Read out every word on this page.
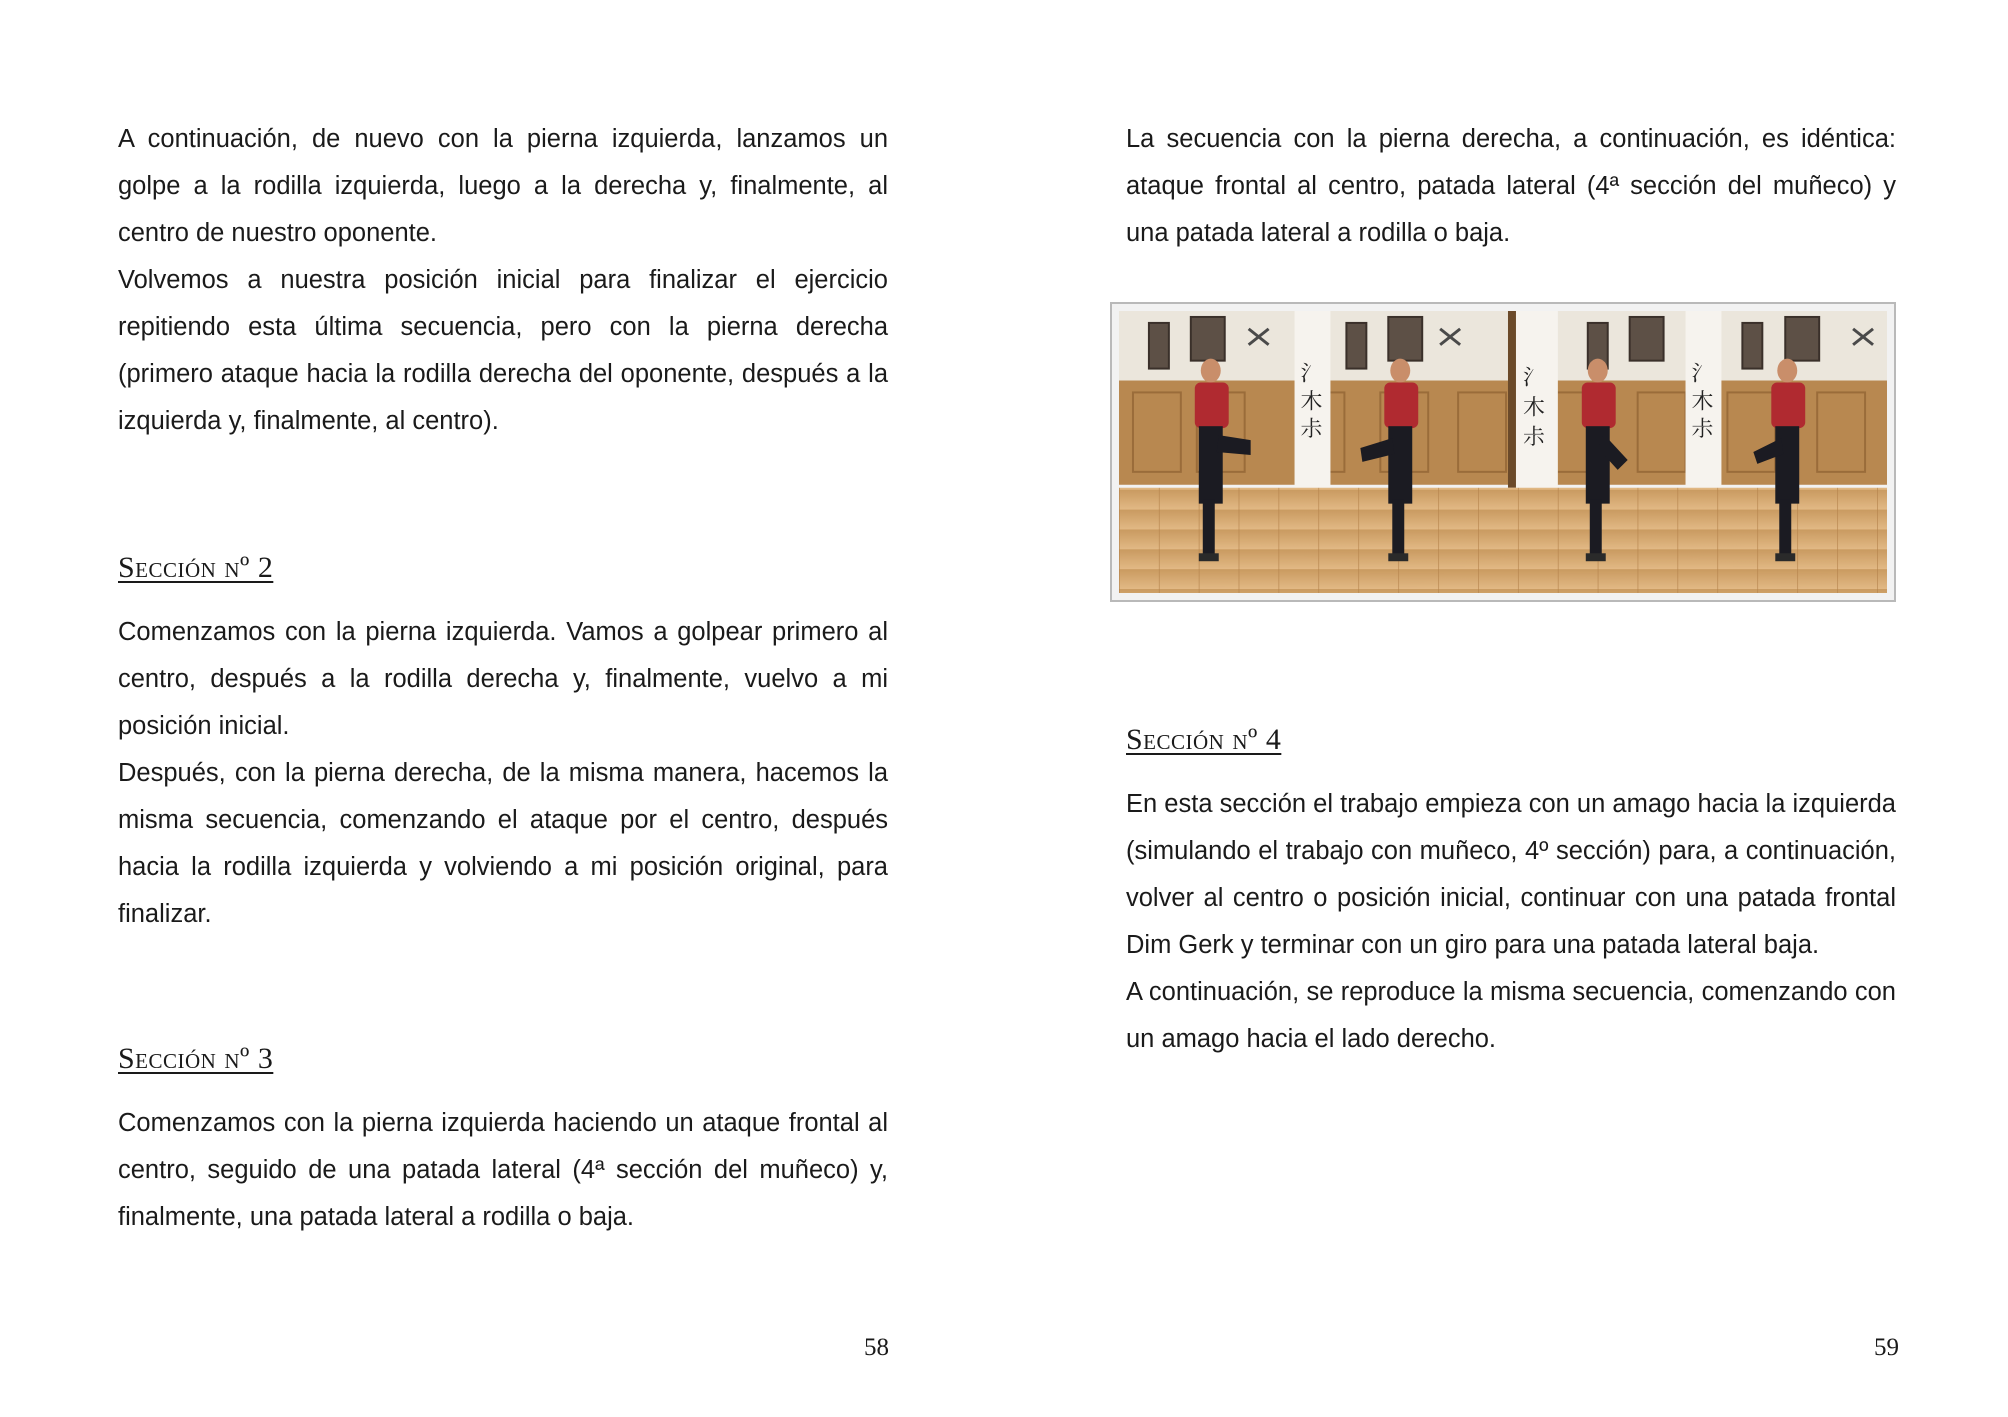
A continuación, de nuevo con la pierna izquierda, lanzamos un golpe a la rodilla izquierda, luego a la derecha y, finalmente, al centro de nuestro oponente.

Volvemos a nuestra posición inicial para finalizar el ejercicio repitiendo esta última secuencia, pero con la pierna derecha (primero ataque hacia la rodilla derecha del oponente, después a la izquierda y, finalmente, al centro).

Sección nº 2

Comenzamos con la pierna izquierda. Vamos a golpear primero al centro, después a la rodilla derecha y, finalmente, vuelvo a mi posición inicial.

Después, con la pierna derecha, de la misma manera, hacemos la misma secuencia, comenzando el ataque por el centro, después hacia la rodilla izquierda y volviendo a mi posición original, para finalizar.

Sección nº 3

Comenzamos con la pierna izquierda haciendo un ataque frontal al centro, seguido de una patada lateral (4ª sección del muñeco) y, finalmente, una patada lateral a rodilla o baja.

58

La secuencia con la pierna derecha, a continuación, es idéntica: ataque frontal al centro, patada lateral (4ª sección del muñeco) y una patada lateral a rodilla o baja.

氵
木
尗
氵
木
尗
氵
木
尗
Sección nº 4

En esta sección el trabajo empieza con un amago hacia la izquierda (simulando el trabajo con muñeco, 4º sección) para, a continuación, volver al centro o posición inicial, continuar con una patada frontal Dim Gerk y terminar con un giro para una patada lateral baja.

A continuación, se reproduce la misma secuencia, comenzando con un amago hacia el lado derecho.

59
